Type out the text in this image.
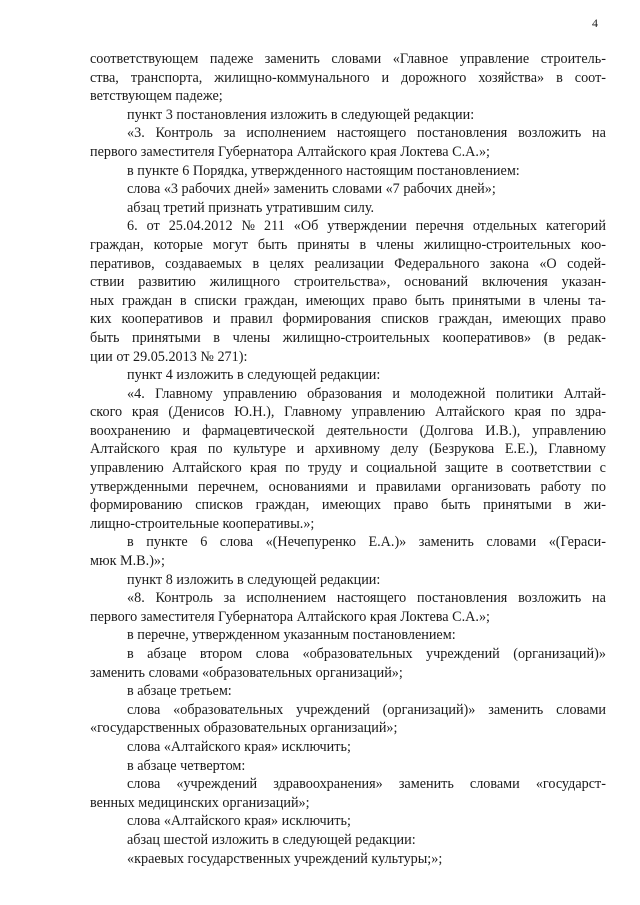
4
соответствующем падеже заменить словами «Главное управление строитель-
ства, транспорта, жилищно-коммунального и дорожного хозяйства» в соот-
ветствующем падеже;
пункт 3 постановления изложить в следующей редакции:
«3. Контроль за исполнением настоящего постановления возложить на
первого заместителя Губернатора Алтайского края Локтева С.А.»;
в пункте 6 Порядка, утвержденного настоящим постановлением:
слова «3 рабочих дней» заменить словами «7 рабочих дней»;
абзац третий признать утратившим силу.
6. от 25.04.2012 № 211 «Об утверждении перечня отдельных категорий
граждан, которые могут быть приняты в члены жилищно-строительных коо-
перативов, создаваемых в целях реализации Федерального закона «О содей-
ствии развитию жилищного строительства», оснований включения указан-
ных граждан в списки граждан, имеющих право быть принятыми в члены та-
ких кооперативов и правил формирования списков граждан, имеющих право
быть принятыми в члены жилищно-строительных кооперативов» (в редак-
ции от 29.05.2013 № 271):
пункт 4 изложить в следующей редакции:
«4. Главному управлению образования и молодежной политики Алтай-
ского края (Денисов Ю.Н.), Главному управлению Алтайского края по здра-
воохранению и фармацевтической деятельности (Долгова И.В.), управлению
Алтайского края по культуре и архивному делу (Безрукова Е.Е.), Главному
управлению Алтайского края по труду и социальной защите в соответствии с
утвержденными перечнем, основаниями и правилами организовать работу по
формированию списков граждан, имеющих право быть принятыми в жи-
лищно-строительные кооперативы.»;
в пункте 6 слова «(Нечепуренко Е.А.)» заменить словами «(Гераси-
мюк М.В.)»;
пункт 8 изложить в следующей редакции:
«8. Контроль за исполнением настоящего постановления возложить на
первого заместителя Губернатора Алтайского края Локтева С.А.»;
в перечне, утвержденном указанным постановлением:
в абзаце втором слова «образовательных учреждений (организаций)»
заменить словами «образовательных организаций»;
в абзаце третьем:
слова «образовательных учреждений (организаций)» заменить словами
«государственных образовательных организаций»;
слова «Алтайского края» исключить;
в абзаце четвертом:
слова «учреждений здравоохранения» заменить словами «государст-
венных медицинских организаций»;
слова «Алтайского края» исключить;
абзац шестой изложить в следующей редакции:
«краевых государственных учреждений культуры;»;
